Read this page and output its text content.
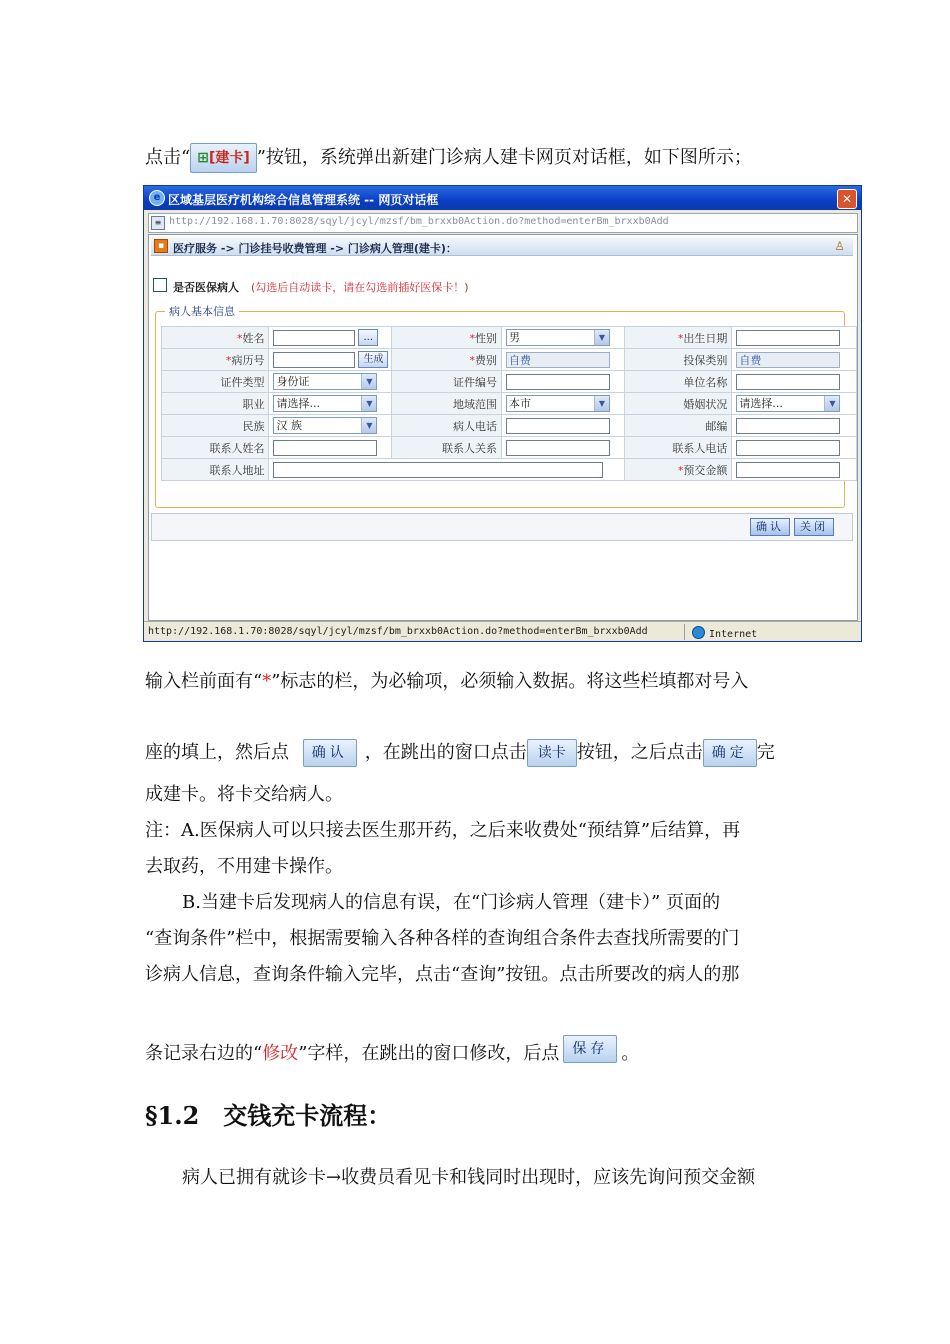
点击“ ⊞[建卡] ”按钮，系统弹出新建门诊病人建卡网页对话框，如下图所示；
e 区域基层医疗机构综合信息管理系统 -- 网页对话框	✕
≡ http://192.168.1.70:8028/sqyl/jcyl/mzsf/bm_brxxb0Action.do?method=enterBm_brxxb0Add
▪ 医疗服务 -> 门诊挂号收费管理 -> 门诊病人管理(建卡)：	♙
是否医保病人 (勾选后自动读卡，请在勾选前插好医保卡！)
病人基本信息
*姓名	...	*性别	男 ▼	*出生日期	

*病历号	生成	*费别	自费	投保类别	自费

证件类型	身份证 ▼	证件编号		单位名称	

职业	请选择... ▼	地域范围	本市 ▼	婚姻状况	请选择... ▼

民族	汉 族 ▼	病人电话		邮编	

联系人姓名		联系人关系		联系人电话	

联系人地址				*预交金额	
确认	关闭
http://192.168.1.70:8028/sqyl/jcyl/mzsf/bm_brxxb0Action.do?method=enterBm_brxxb0Add	Internet
输入栏前面有“*”标志的栏，为必输项，必须输入数据。将这些栏填都对号入
座的填上，然后点 确认 ，在跳出的窗口点击 读卡 按钮，之后点击 确定 完
成建卡。将卡交给病人。
注：A.医保病人可以只接去医生那开药，之后来收费处“预结算”后结算，再
去取药，不用建卡操作。
B.当建卡后发现病人的信息有误，在“门诊病人管理（建卡）” 页面的
“查询条件”栏中，根据需要输入各种各样的查询组合条件去查找所需要的门
诊病人信息，查询条件输入完毕，点击“查询”按钮。点击所要改的病人的那
条记录右边的“修改”字样，在跳出的窗口修改，后点 保存 。
§1.2　交钱充卡流程：
病人已拥有就诊卡→收费员看见卡和钱同时出现时，应该先询问预交金额
